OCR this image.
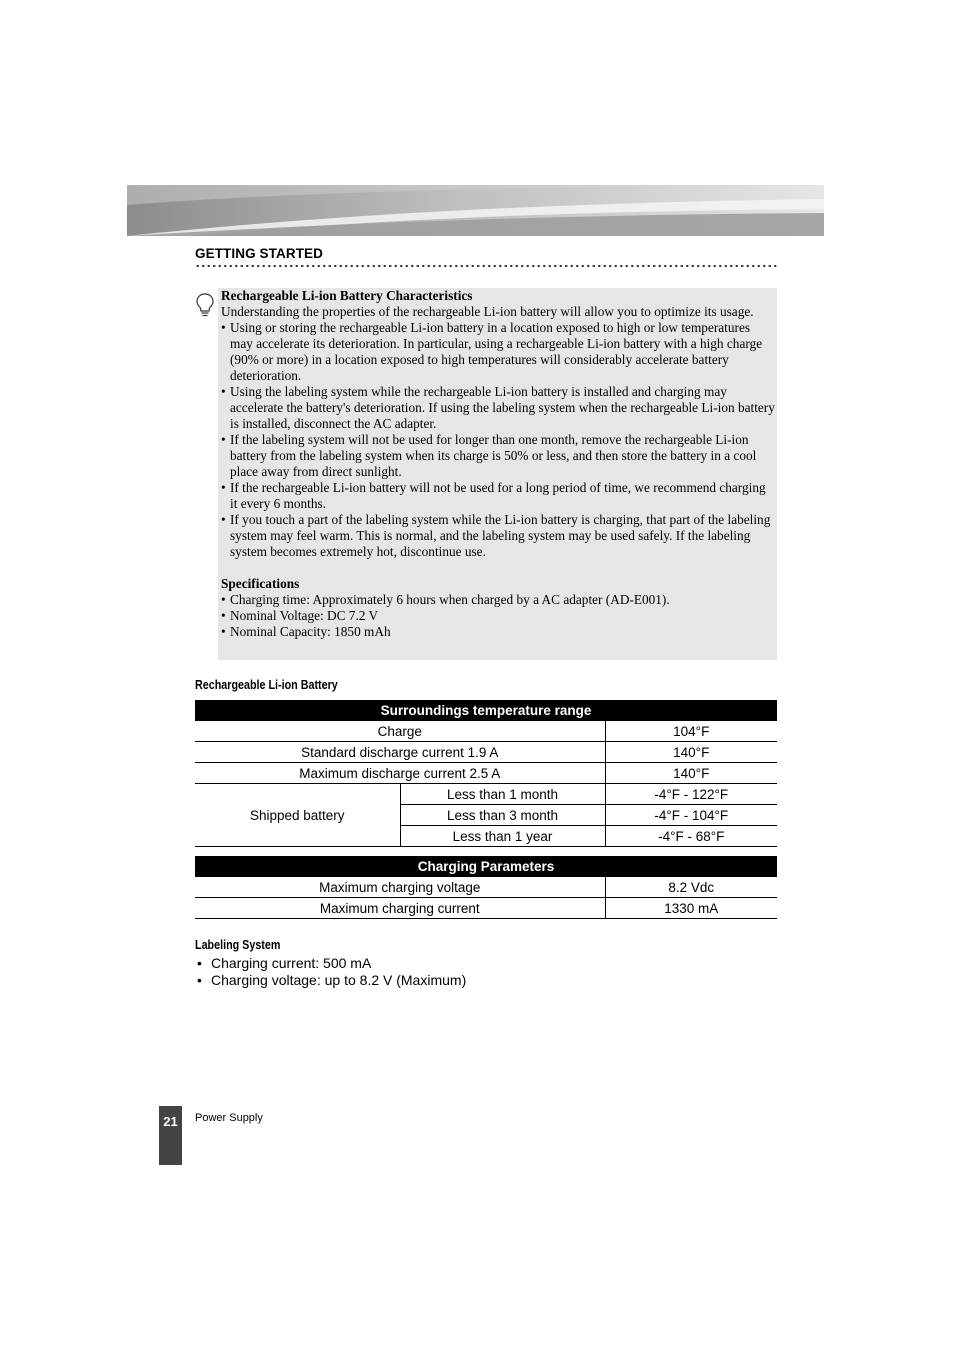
GETTING STARTED

Rechargeable Li-ion Battery Characteristics

Understanding the properties of the rechargeable Li-ion battery will allow you to optimize its usage.

• Using or storing the rechargeable Li-ion battery in a location exposed to high or low temperatures may accelerate its deterioration. In particular, using a rechargeable Li-ion battery with a high charge (90% or more) in a location exposed to high temperatures will considerably accelerate battery deterioration.
• Using the labeling system while the rechargeable Li-ion battery is installed and charging may accelerate the battery's deterioration. If using the labeling system when the rechargeable Li-ion battery is installed, disconnect the AC adapter.
• If the labeling system will not be used for longer than one month, remove the rechargeable Li-ion battery from the labeling system when its charge is 50% or less, and then store the battery in a cool place away from direct sunlight.
• If the rechargeable Li-ion battery will not be used for a long period of time, we recommend charging it every 6 months.
• If you touch a part of the labeling system while the Li-ion battery is charging, that part of the labeling system may feel warm. This is normal, and the labeling system may be used safely. If the labeling system becomes extremely hot, discontinue use.

Specifications

• Charging time: Approximately 6 hours when charged by a AC adapter (AD-E001).
• Nominal Voltage: DC 7.2 V
• Nominal Capacity: 1850 mAh
Rechargeable Li-ion Battery
Surroundings temperature range		
Charge		104°F
Standard discharge current 1.9 A		140°F
Maximum discharge current 2.5 A		140°F
Shipped battery	Less than 1 month	-4°F - 122°F
	Less than 3 month	-4°F - 104°F
	Less than 1 year	-4°F - 68°F
Charging Parameters	
Maximum charging voltage	8.2 Vdc
Maximum charging current	1330 mA
Labeling System
• Charging current: 500 mA
• Charging voltage: up to 8.2 V (Maximum)
21	Power Supply
